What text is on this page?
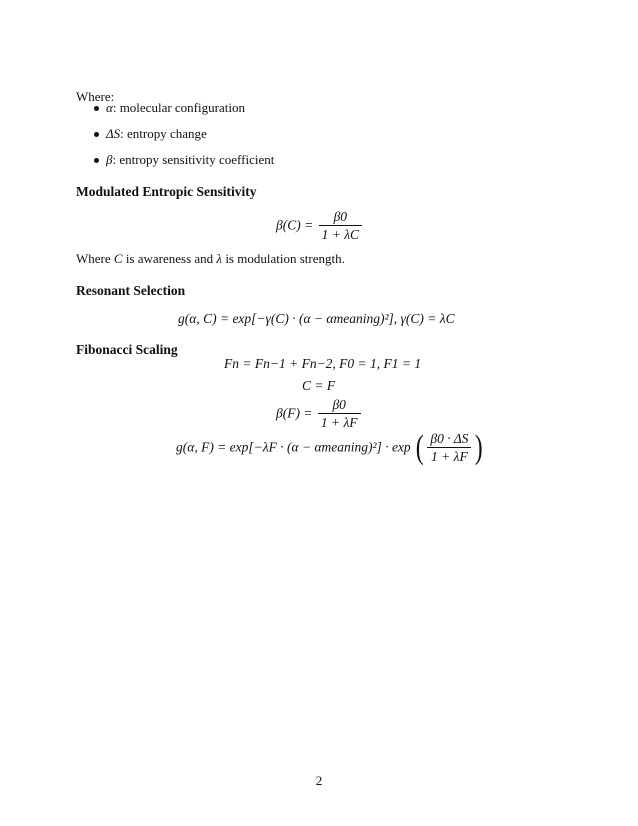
Where:
α: molecular configuration
ΔS: entropy change
β: entropy sensitivity coefficient
Modulated Entropic Sensitivity
$\beta(C) = \frac{\beta 0}{1 + \lambda C}$
Where C is awareness and λ is modulation strength.
Resonant Selection
g(α, C) = exp[−γ(C) · (α − αmeaning)²], γ(C) = λC
Fibonacci Scaling
Fn = Fn−1 + Fn−2, F0 = 1, F1 = 1
C = F
$\beta(F) = \frac{\beta 0}{1 + \lambda F}$
g(α, F) = exp[−λF · (α − αmeaning)²] · exp ( $\frac{\beta 0 \cdot \Delta S}{1 + \lambda F}$ )
2
